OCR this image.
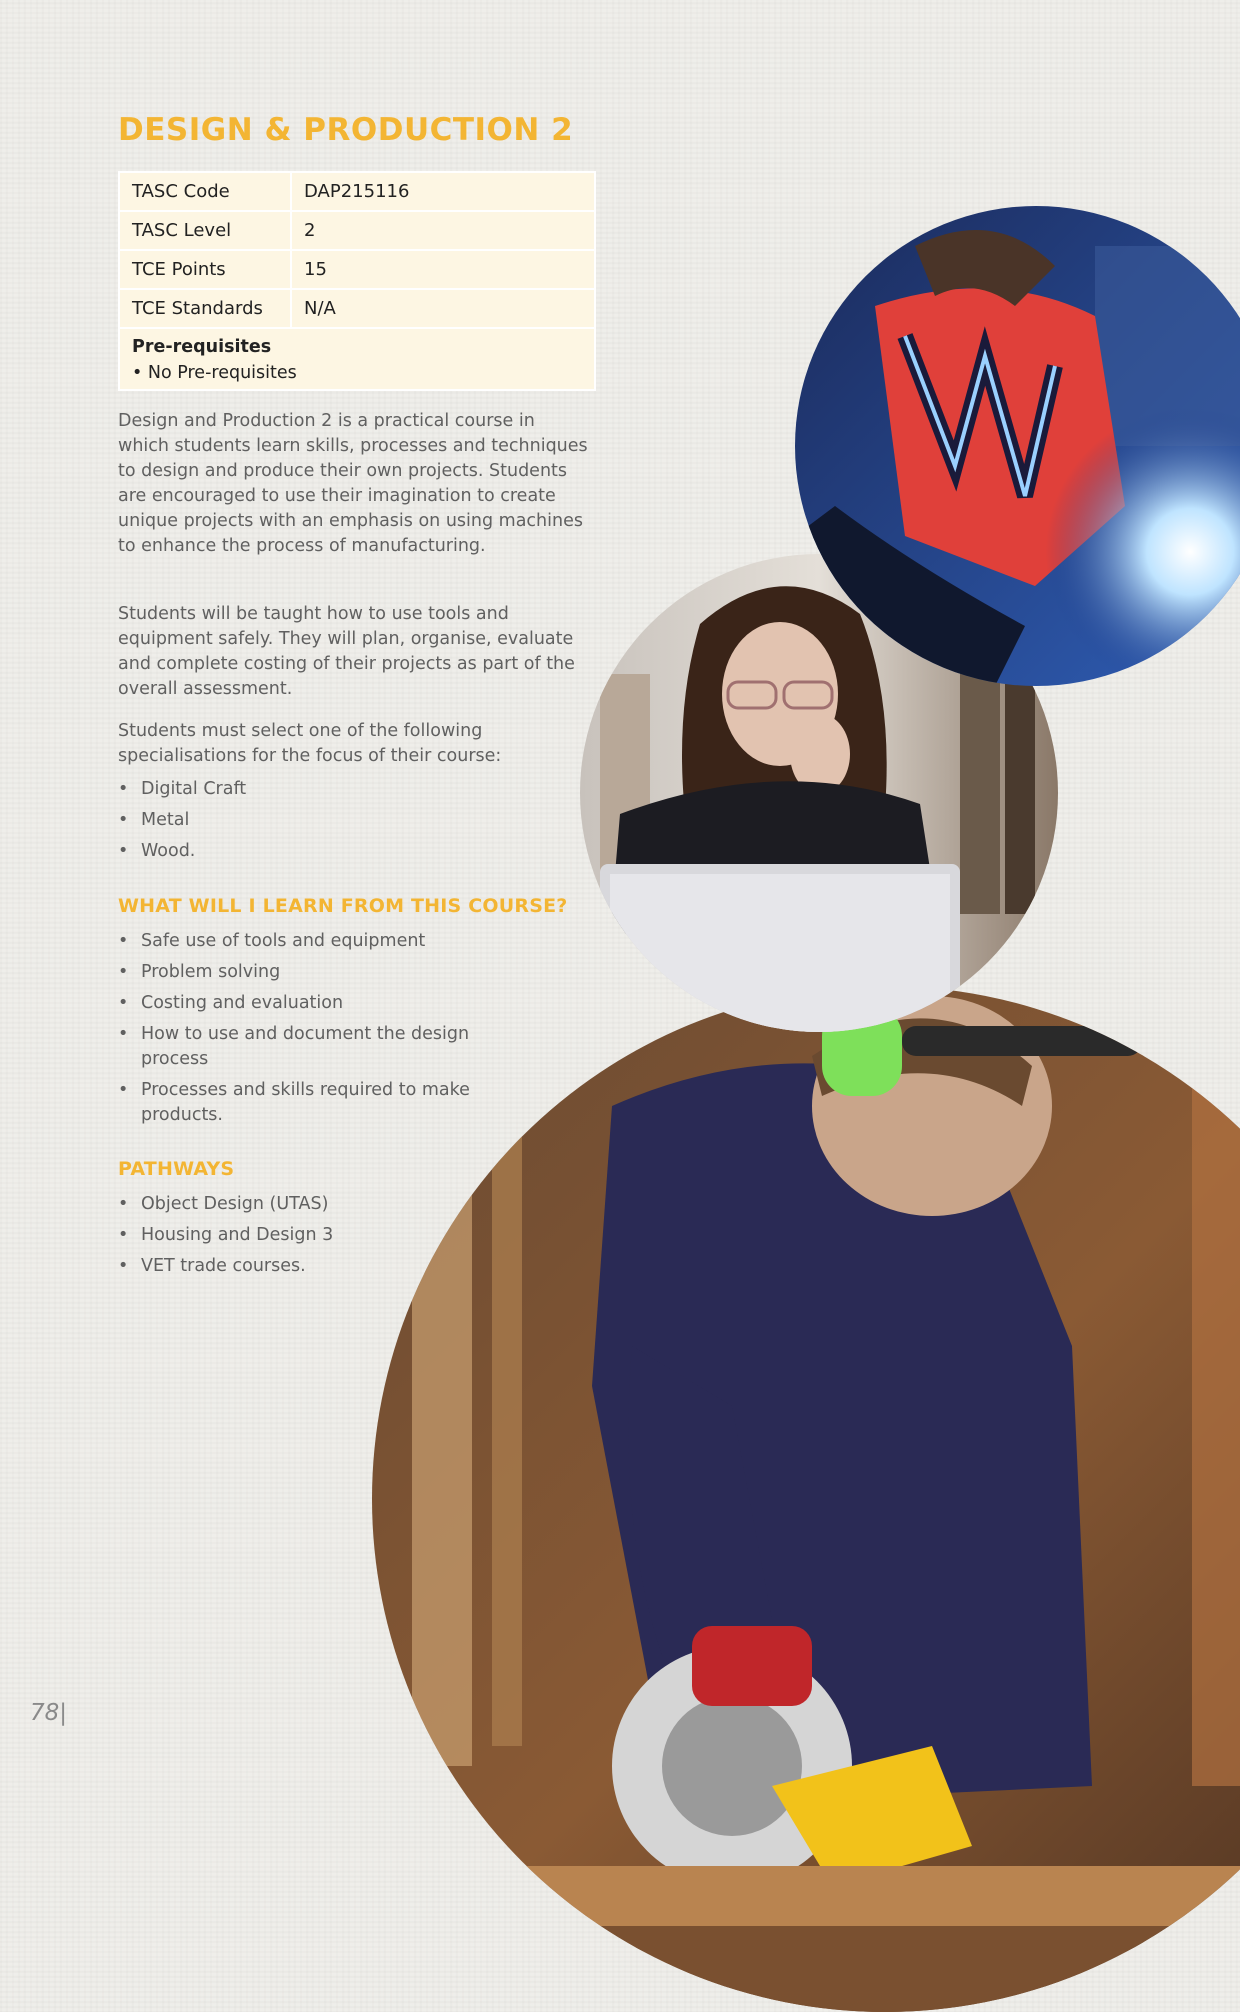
DESIGN & PRODUCTION 2
TASC Code	DAP215116
TASC Level	2
TCE Points	15
TCE Standards	N/A

Pre-requisites
• No Pre-requisites	

Design and Production 2 is a practical course in which students learn skills, processes and techniques to design and produce their own projects. Students are encouraged to use their imagination to create unique projects with an emphasis on using machines to enhance the process of manufacturing.

Students will be taught how to use tools and equipment safely. They will plan, organise, evaluate and complete costing of their projects as part of the overall assessment.

Students must select one of the following specialisations for the focus of their course:

• Digital Craft
• Metal
• Wood.
WHAT WILL I LEARN FROM THIS COURSE?
• Safe use of tools and equipment
• Problem solving
• Costing and evaluation
• How to use and document the design process
• Processes and skills required to make products.
PATHWAYS
• Object Design (UTAS)
• Housing and Design 3
• VET trade courses.
78|
